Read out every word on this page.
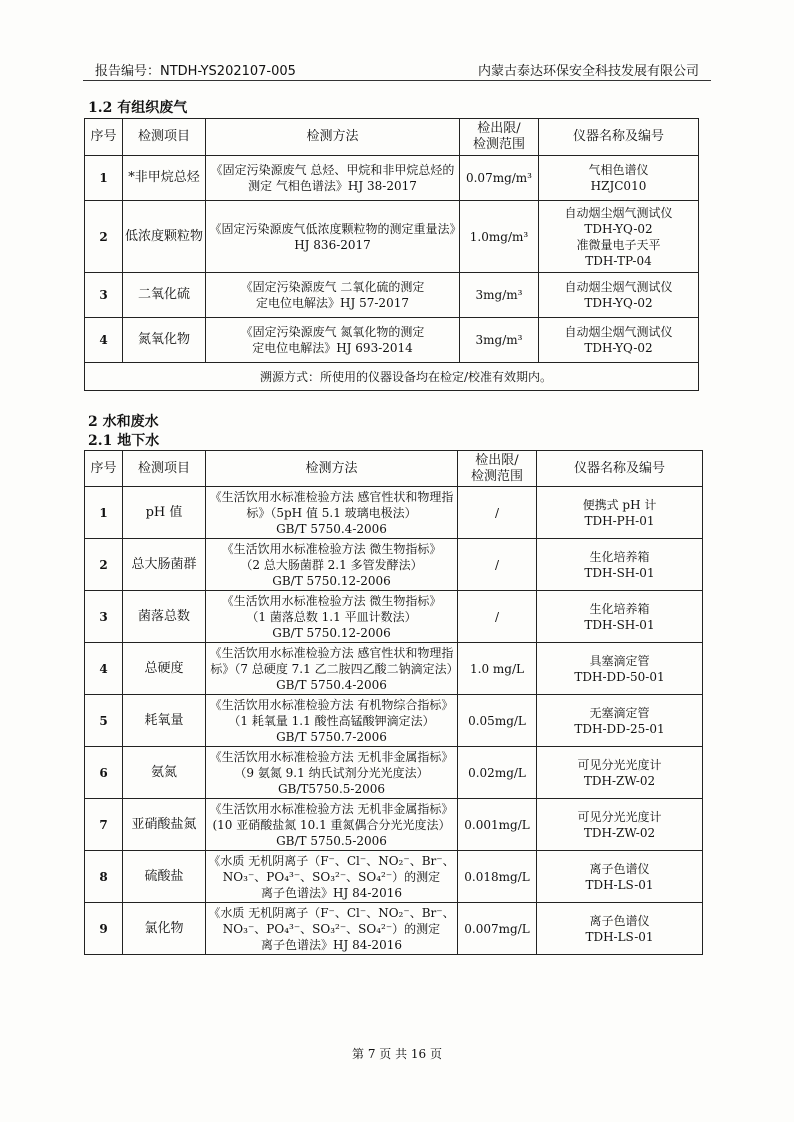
报告编号：NTDH-YS202107-005	内蒙古泰达环保安全科技发展有限公司
1.2 有组织废气
序号	检测项目	检测方法	检出限/
检测范围	仪器名称及编号

1	*非甲烷总烃	《固定污染源废气 总烃、甲烷和非甲烷总烃的测定 气相色谱法》HJ 38-2017	0.07mg/m³	气相色谱仪
HZJC010

2	低浓度颗粒物	《固定污染源废气低浓度颗粒物的测定重量法》HJ 836-2017	1.0mg/m³	自动烟尘烟气测试仪
TDH-YQ-02
准微量电子天平
TDH-TP-04

3	二氧化硫	《固定污染源废气 二氧化硫的测定
定电位电解法》HJ 57-2017	3mg/m³	自动烟尘烟气测试仪
TDH-YQ-02

4	氮氧化物	《固定污染源废气 氮氧化物的测定
定电位电解法》HJ 693-2014	3mg/m³	自动烟尘烟气测试仪
TDH-YQ-02

溯源方式：所使用的仪器设备均在检定/校准有效期内。				
2 水和废水
2.1 地下水
序号	检测项目	检测方法	检出限/
检测范围	仪器名称及编号

1	pH 值	《生活饮用水标准检验方法 感官性状和物理指标》（5pH 值 5.1 玻璃电极法）
GB/T 5750.4-2006	/	便携式 pH 计
TDH-PH-01

2	总大肠菌群	《生活饮用水标准检验方法 微生物指标》
（2 总大肠菌群 2.1 多管发酵法）
GB/T 5750.12-2006	/	生化培养箱
TDH-SH-01

3	菌落总数	《生活饮用水标准检验方法 微生物指标》
（1 菌落总数 1.1 平皿计数法）
GB/T 5750.12-2006	/	生化培养箱
TDH-SH-01

4	总硬度	《生活饮用水标准检验方法 感官性状和物理指标》（7 总硬度 7.1 乙二胺四乙酸二钠滴定法）GB/T 5750.4-2006	1.0 mg/L	具塞滴定管
TDH-DD-50-01

5	耗氧量	《生活饮用水标准检验方法 有机物综合指标》（1 耗氧量 1.1 酸性高锰酸钾滴定法）
GB/T 5750.7-2006	0.05mg/L	无塞滴定管
TDH-DD-25-01

6	氨氮	《生活饮用水标准检验方法 无机非金属指标》（9 氨氮 9.1 纳氏试剂分光光度法）
GB/T5750.5-2006	0.02mg/L	可见分光光度计
TDH-ZW-02

7	亚硝酸盐氮	《生活饮用水标准检验方法 无机非金属指标》(10 亚硝酸盐氮 10.1 重氮偶合分光光度法）GB/T 5750.5-2006	0.001mg/L	可见分光光度计
TDH-ZW-02

8	硫酸盐	《水质 无机阴离子（F⁻、Cl⁻、NO₂⁻、Br⁻、NO₃⁻、PO₄³⁻、SO₃²⁻、SO₄²⁻）的测定
离子色谱法》HJ 84-2016	0.018mg/L	离子色谱仪
TDH-LS-01

9	氯化物	《水质 无机阴离子（F⁻、Cl⁻、NO₂⁻、Br⁻、NO₃⁻、PO₄³⁻、SO₃²⁻、SO₄²⁻）的测定
离子色谱法》HJ 84-2016	0.007mg/L	离子色谱仪
TDH-LS-01
第 7 页 共 16 页
